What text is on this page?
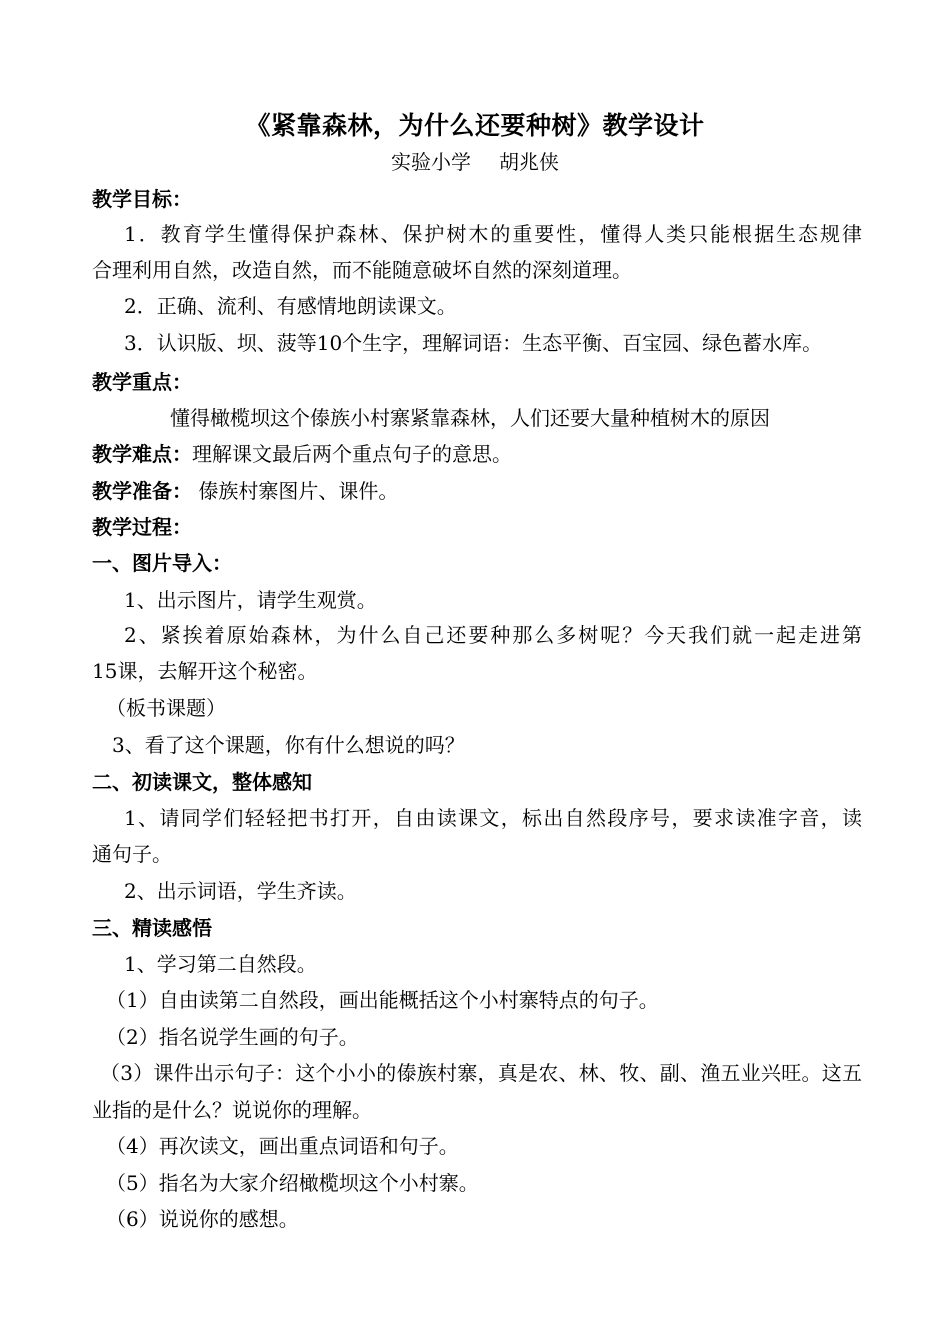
《紧靠森林，为什么还要种树》教学设计
实验小学 胡兆侠
教学目标：
1．教育学生懂得保护森林、保护树木的重要性，懂得人类只能根据生态规律
合理利用自然，改造自然，而不能随意破坏自然的深刻道理。
2．正确、流利、有感情地朗读课文。
3．认识版、坝、菠等10个生字，理解词语：生态平衡、百宝园、绿色蓄水库。
教学重点：
懂得橄榄坝这个傣族小村寨紧靠森林，人们还要大量种植树木的原因
教学难点：理解课文最后两个重点句子的意思。
教学准备： 傣族村寨图片、课件。
教学过程：
一、图片导入：
1、出示图片，请学生观赏。
2、紧挨着原始森林，为什么自己还要种那么多树呢？今天我们就一起走进第
15课，去解开这个秘密。
（板书课题）
3、看了这个课题，你有什么想说的吗？
二、初读课文，整体感知
1、请同学们轻轻把书打开，自由读课文，标出自然段序号，要求读准字音，读
通句子。
2、出示词语，学生齐读。
三、精读感悟
1、学习第二自然段。
（1）自由读第二自然段，画出能概括这个小村寨特点的句子。
（2）指名说学生画的句子。
（3）课件出示句子：这个小小的傣族村寨，真是农、林、牧、副、渔五业兴旺。这五
业指的是什么？说说你的理解。
（4）再次读文，画出重点词语和句子。
（5）指名为大家介绍橄榄坝这个小村寨。
（6）说说你的感想。
